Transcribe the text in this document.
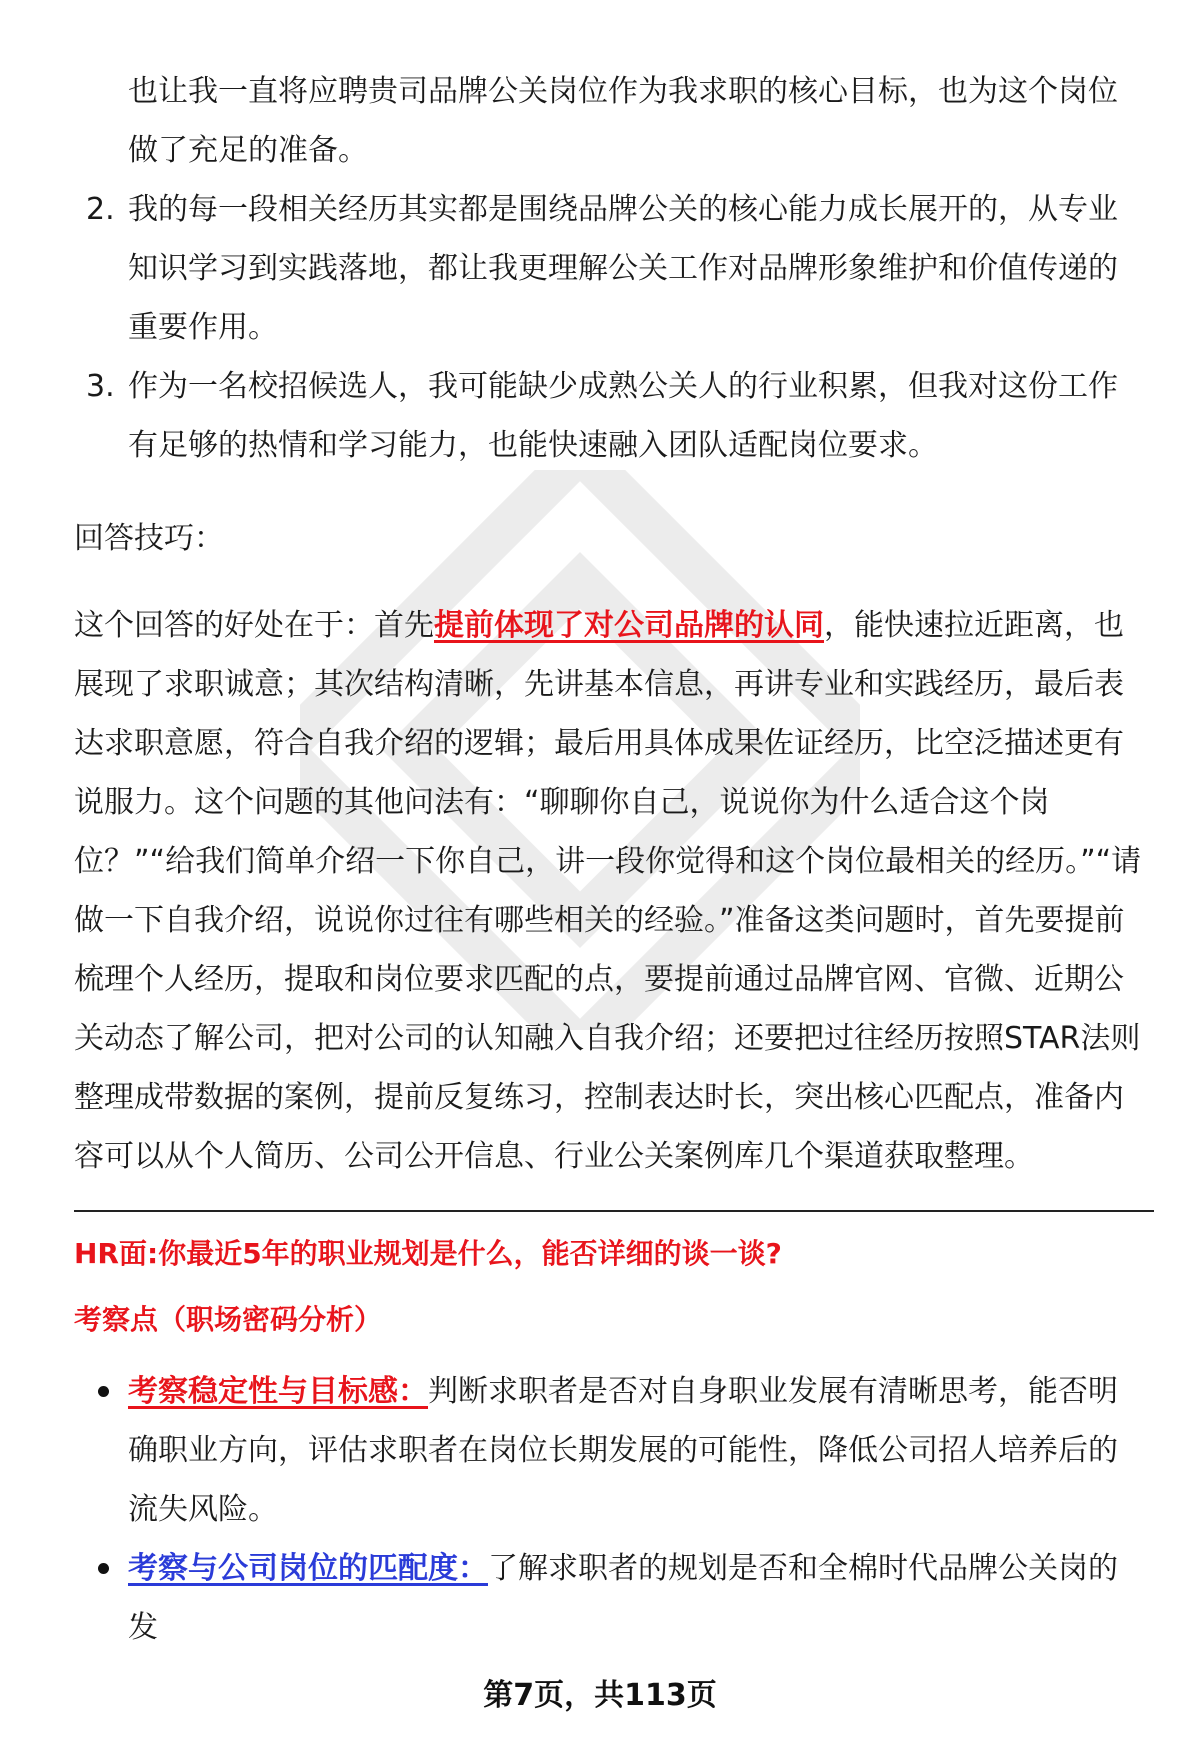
也让我一直将应聘贵司品牌公关岗位作为我求职的核心目标，也为这个岗位做了充足的准备。
2. 我的每一段相关经历其实都是围绕品牌公关的核心能力成长展开的，从专业知识学习到实践落地，都让我更理解公关工作对品牌形象维护和价值传递的重要作用。
3. 作为一名校招候选人，我可能缺少成熟公关人的行业积累，但我对这份工作有足够的热情和学习能力，也能快速融入团队适配岗位要求。

回答技巧：

这个回答的好处在于：首先提前体现了对公司品牌的认同，能快速拉近距离，也展现了求职诚意；其次结构清晰，先讲基本信息，再讲专业和实践经历，最后表达求职意愿，符合自我介绍的逻辑；最后用具体成果佐证经历，比空泛描述更有说服力。这个问题的其他问法有：“聊聊你自己，说说你为什么适合这个岗位？”“给我们简单介绍一下你自己，讲一段你觉得和这个岗位最相关的经历。”“请做一下自我介绍，说说你过往有哪些相关的经验。”准备这类问题时，首先要提前梳理个人经历，提取和岗位要求匹配的点，要提前通过品牌官网、官微、近期公关动态了解公司，把对公司的认知融入自我介绍；还要把过往经历按照STAR法则整理成带数据的案例，提前反复练习，控制表达时长，突出核心匹配点，准备内容可以从个人简历、公司公开信息、行业公关案例库几个渠道获取整理。

HR面:你最近5年的职业规划是什么，能否详细的谈一谈?
考察点（职场密码分析）
考察稳定性与目标感：判断求职者是否对自身职业发展有清晰思考，能否明确职业方向，评估求职者在岗位长期发展的可能性，降低公司招人培养后的流失风险。
考察与公司岗位的匹配度：了解求职者的规划是否和全棉时代品牌公关岗的发
第7页，共113页
